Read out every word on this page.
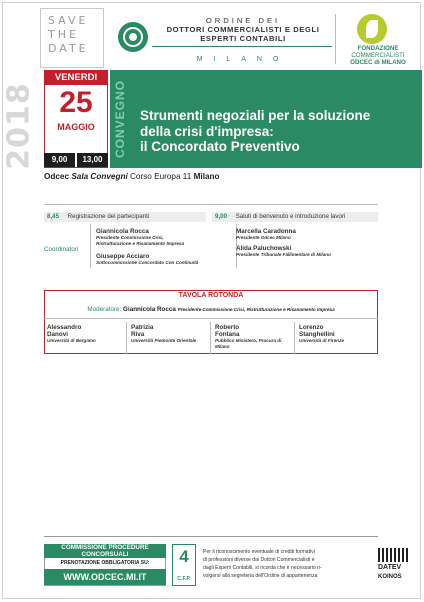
SAVE
THE
DATE
ORDINE DEI
DOTTORI COMMERCIALISTI E DEGLI
ESPERTI CONTABILI
MILANO
FONDAZIONE
COMMERCIALISTI
ODCEC di MILANO
2018
VENERDI
25
MAGGIO
9,00	13,00
CONVEGNO Strumenti negoziali per la soluzione
della crisi d'impresa:
il Concordato Preventivo
Odcec Sala Convegni Corso Europa 11 Milano
8,45 Registrazione dei partecipanti	9,00 Saluti di benvenuto e introduzione lavori
Coordinatori
Giannicola Rocca
Presidente Commissione Crisi,
Ristrutturazione e Risanamento Impresa
Giuseppe Acciaro
Sottocommissione Concordato Con Continuità
Marcella Caradonna
Presidente Odcec Milano
Alida Paluchowski
Presidente Tribunale Fallimentare di Milano
TAVOLA ROTONDA
Moderatore: Giannicola Rocca Presidente Commissione Crisi, Ristrutturazione e Risanamento Impresa
Alessandro
Danovi
Università di Bergamo
Patrizia
Riva
Università Piemonte Orientale
Roberto
Fontana
Pubblico Ministero, Procura di
Milano
Lorenzo
Stanghellini
Università di Firenze
COMMISSIONE PROCEDURE
CONCORSUALI
PRENOTAZIONE OBBLIGATORIA SU:
WWW.ODCEC.MI.IT
4
C.F.P.
Per il riconoscimento eventuale di crediti formativi
di professioni diverse dai Dottori Commercialisti e
dagli Esperti Contabili, si ricorda che è necessario ri-
volgersi alla segreteria dell'Ordine di appartenenza
DATEV
KOINOS
